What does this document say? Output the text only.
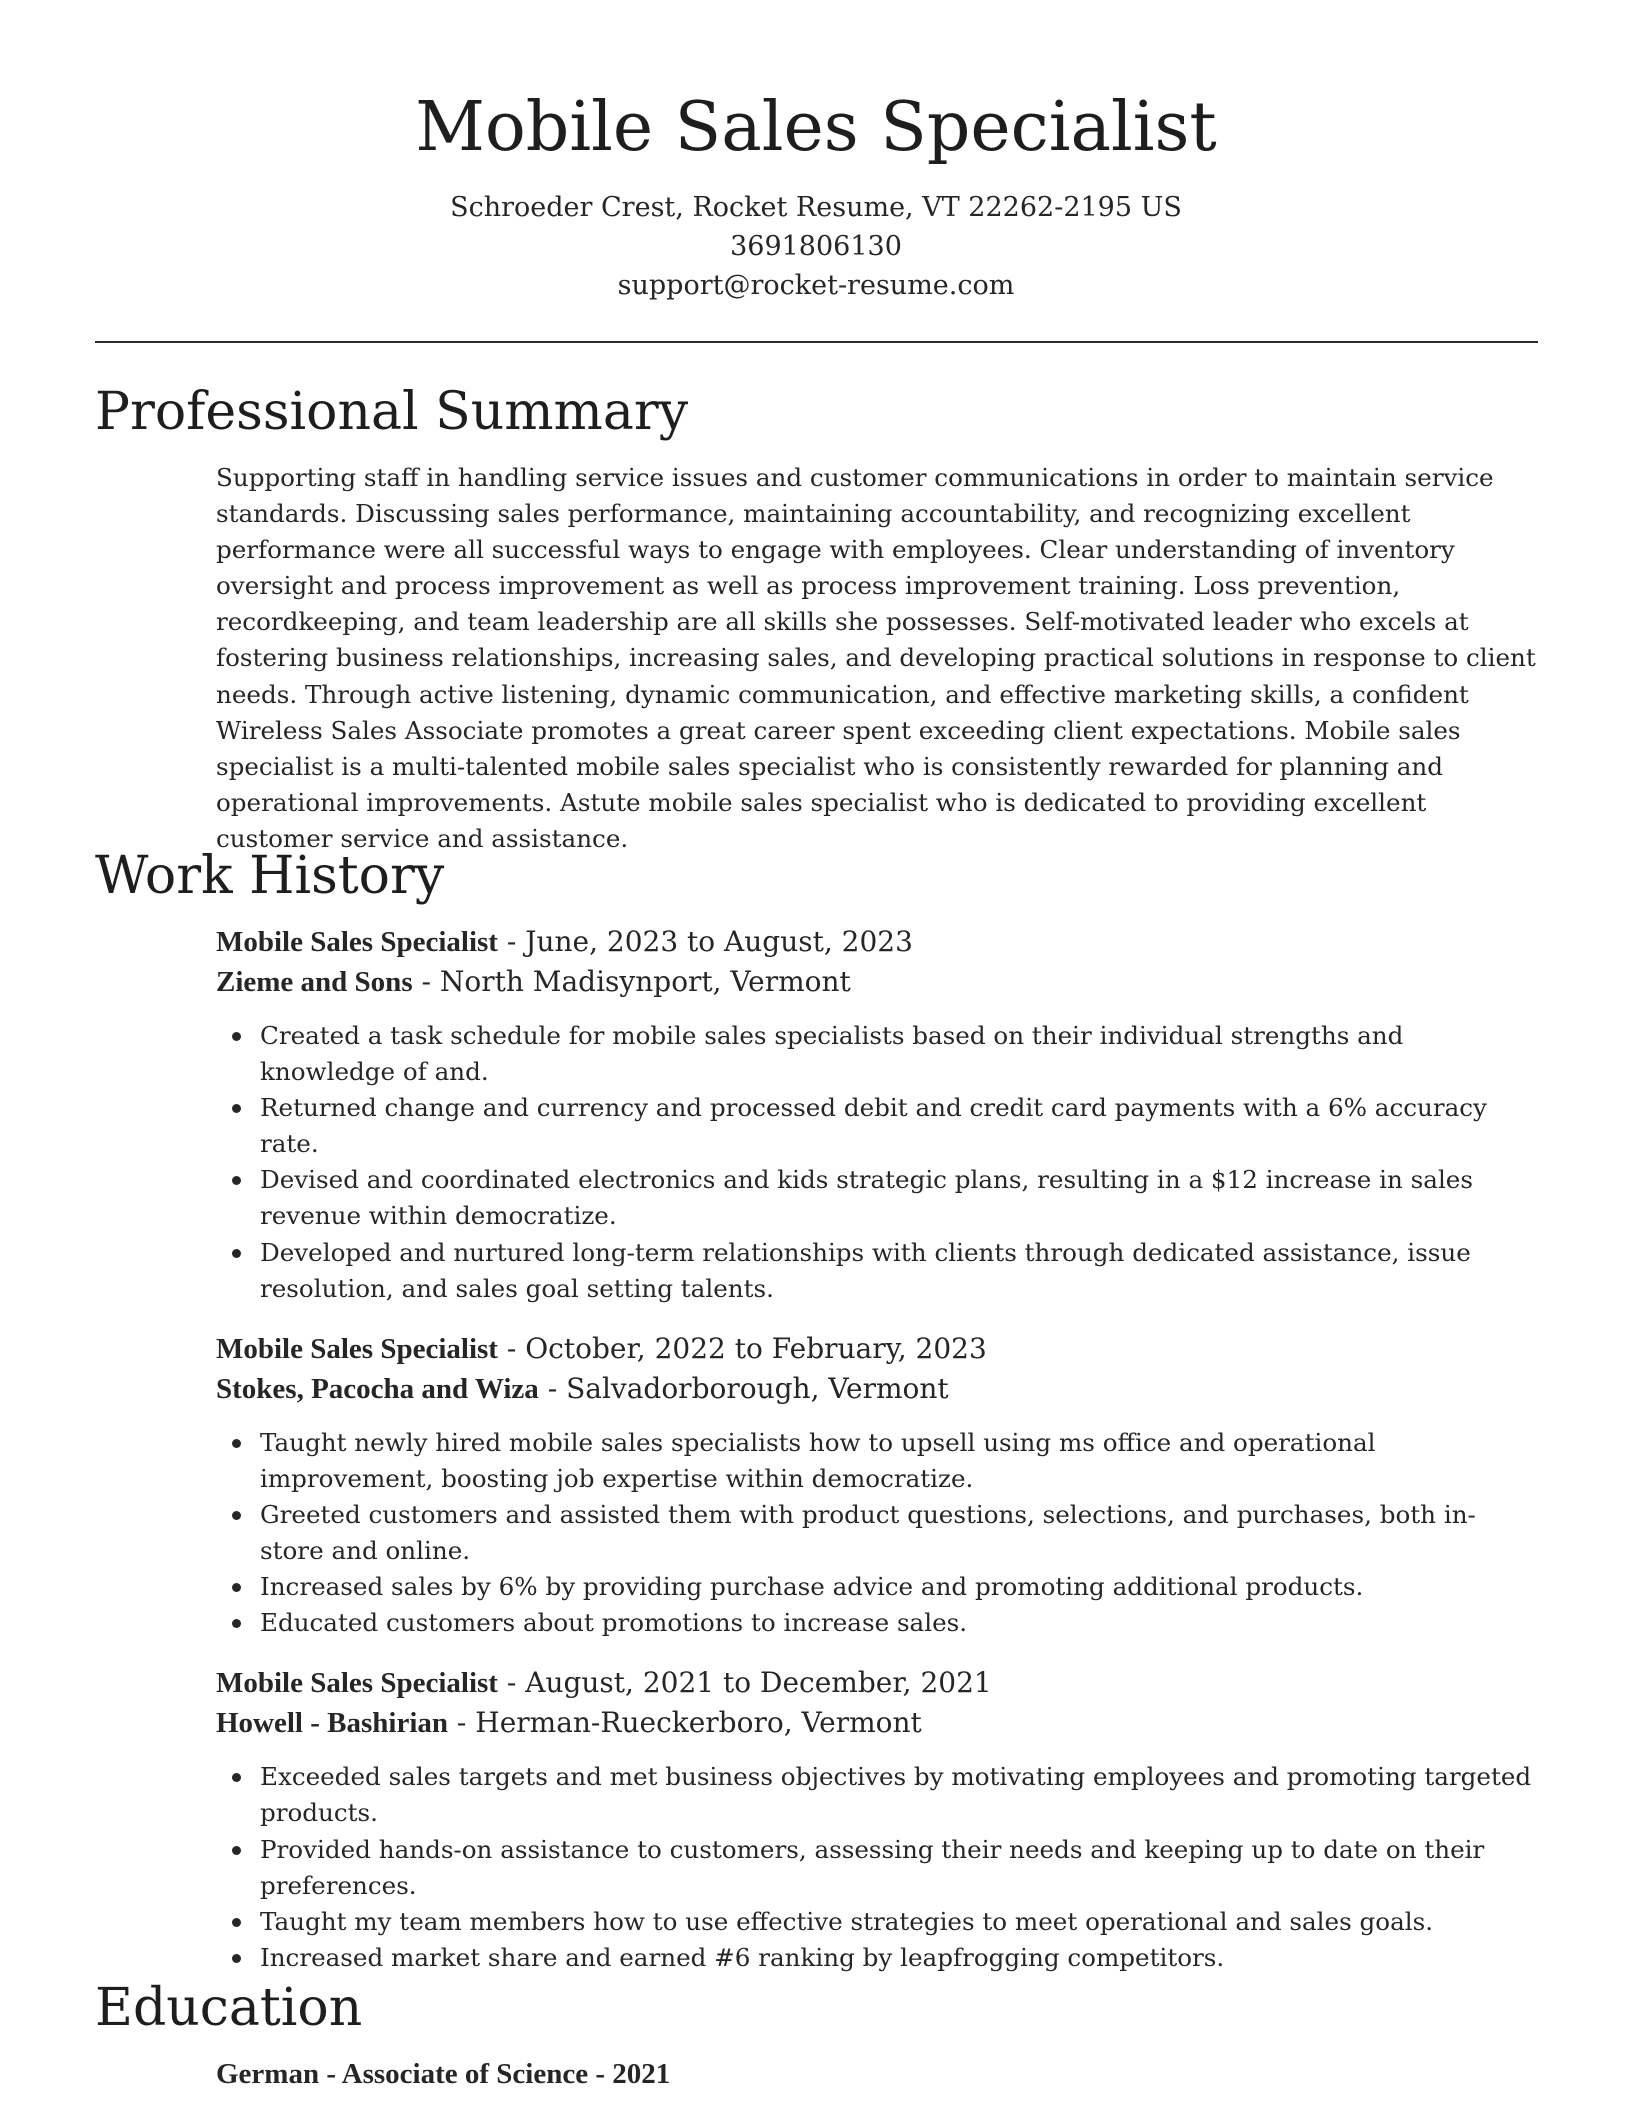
Mobile Sales Specialist

Schroeder Crest, Rocket Resume, VT 22262-2195 US

3691806130

support@rocket-resume.com

Professional Summary

Supporting staff in handling service issues and customer communications in order to maintain service standards. Discussing sales performance, maintaining accountability, and recognizing excellent performance were all successful ways to engage with employees. Clear understanding of inventory oversight and process improvement as well as process improvement training. Loss prevention, recordkeeping, and team leadership are all skills she possesses. Self-motivated leader who excels at fostering business relationships, increasing sales, and developing practical solutions in response to client needs. Through active listening, dynamic communication, and effective marketing skills, a confident Wireless Sales Associate promotes a great career spent exceeding client expectations. Mobile sales specialist is a multi-talented mobile sales specialist who is consistently rewarded for planning and operational improvements. Astute mobile sales specialist who is dedicated to providing excellent customer service and assistance.

Work History

Mobile Sales Specialist - June, 2023 to August, 2023

Zieme and Sons - North Madisynport, Vermont

Created a task schedule for mobile sales specialists based on their individual strengths and knowledge of and.
Returned change and currency and processed debit and credit card payments with a 6% accuracy rate.
Devised and coordinated electronics and kids strategic plans, resulting in a $12 increase in sales revenue within democratize.
Developed and nurtured long-term relationships with clients through dedicated assistance, issue resolution, and sales goal setting talents.

Mobile Sales Specialist - October, 2022 to February, 2023

Stokes, Pacocha and Wiza - Salvadorborough, Vermont

Taught newly hired mobile sales specialists how to upsell using ms office and operational improvement, boosting job expertise within democratize.
Greeted customers and assisted them with product questions, selections, and purchases, both in-store and online.
Increased sales by 6% by providing purchase advice and promoting additional products.
Educated customers about promotions to increase sales.

Mobile Sales Specialist - August, 2021 to December, 2021

Howell - Bashirian - Herman-Rueckerboro, Vermont

Exceeded sales targets and met business objectives by motivating employees and promoting targeted products.
Provided hands-on assistance to customers, assessing their needs and keeping up to date on their preferences.
Taught my team members how to use effective strategies to meet operational and sales goals.
Increased market share and earned #6 ranking by leapfrogging competitors.
Education

German - Associate of Science - 2021
